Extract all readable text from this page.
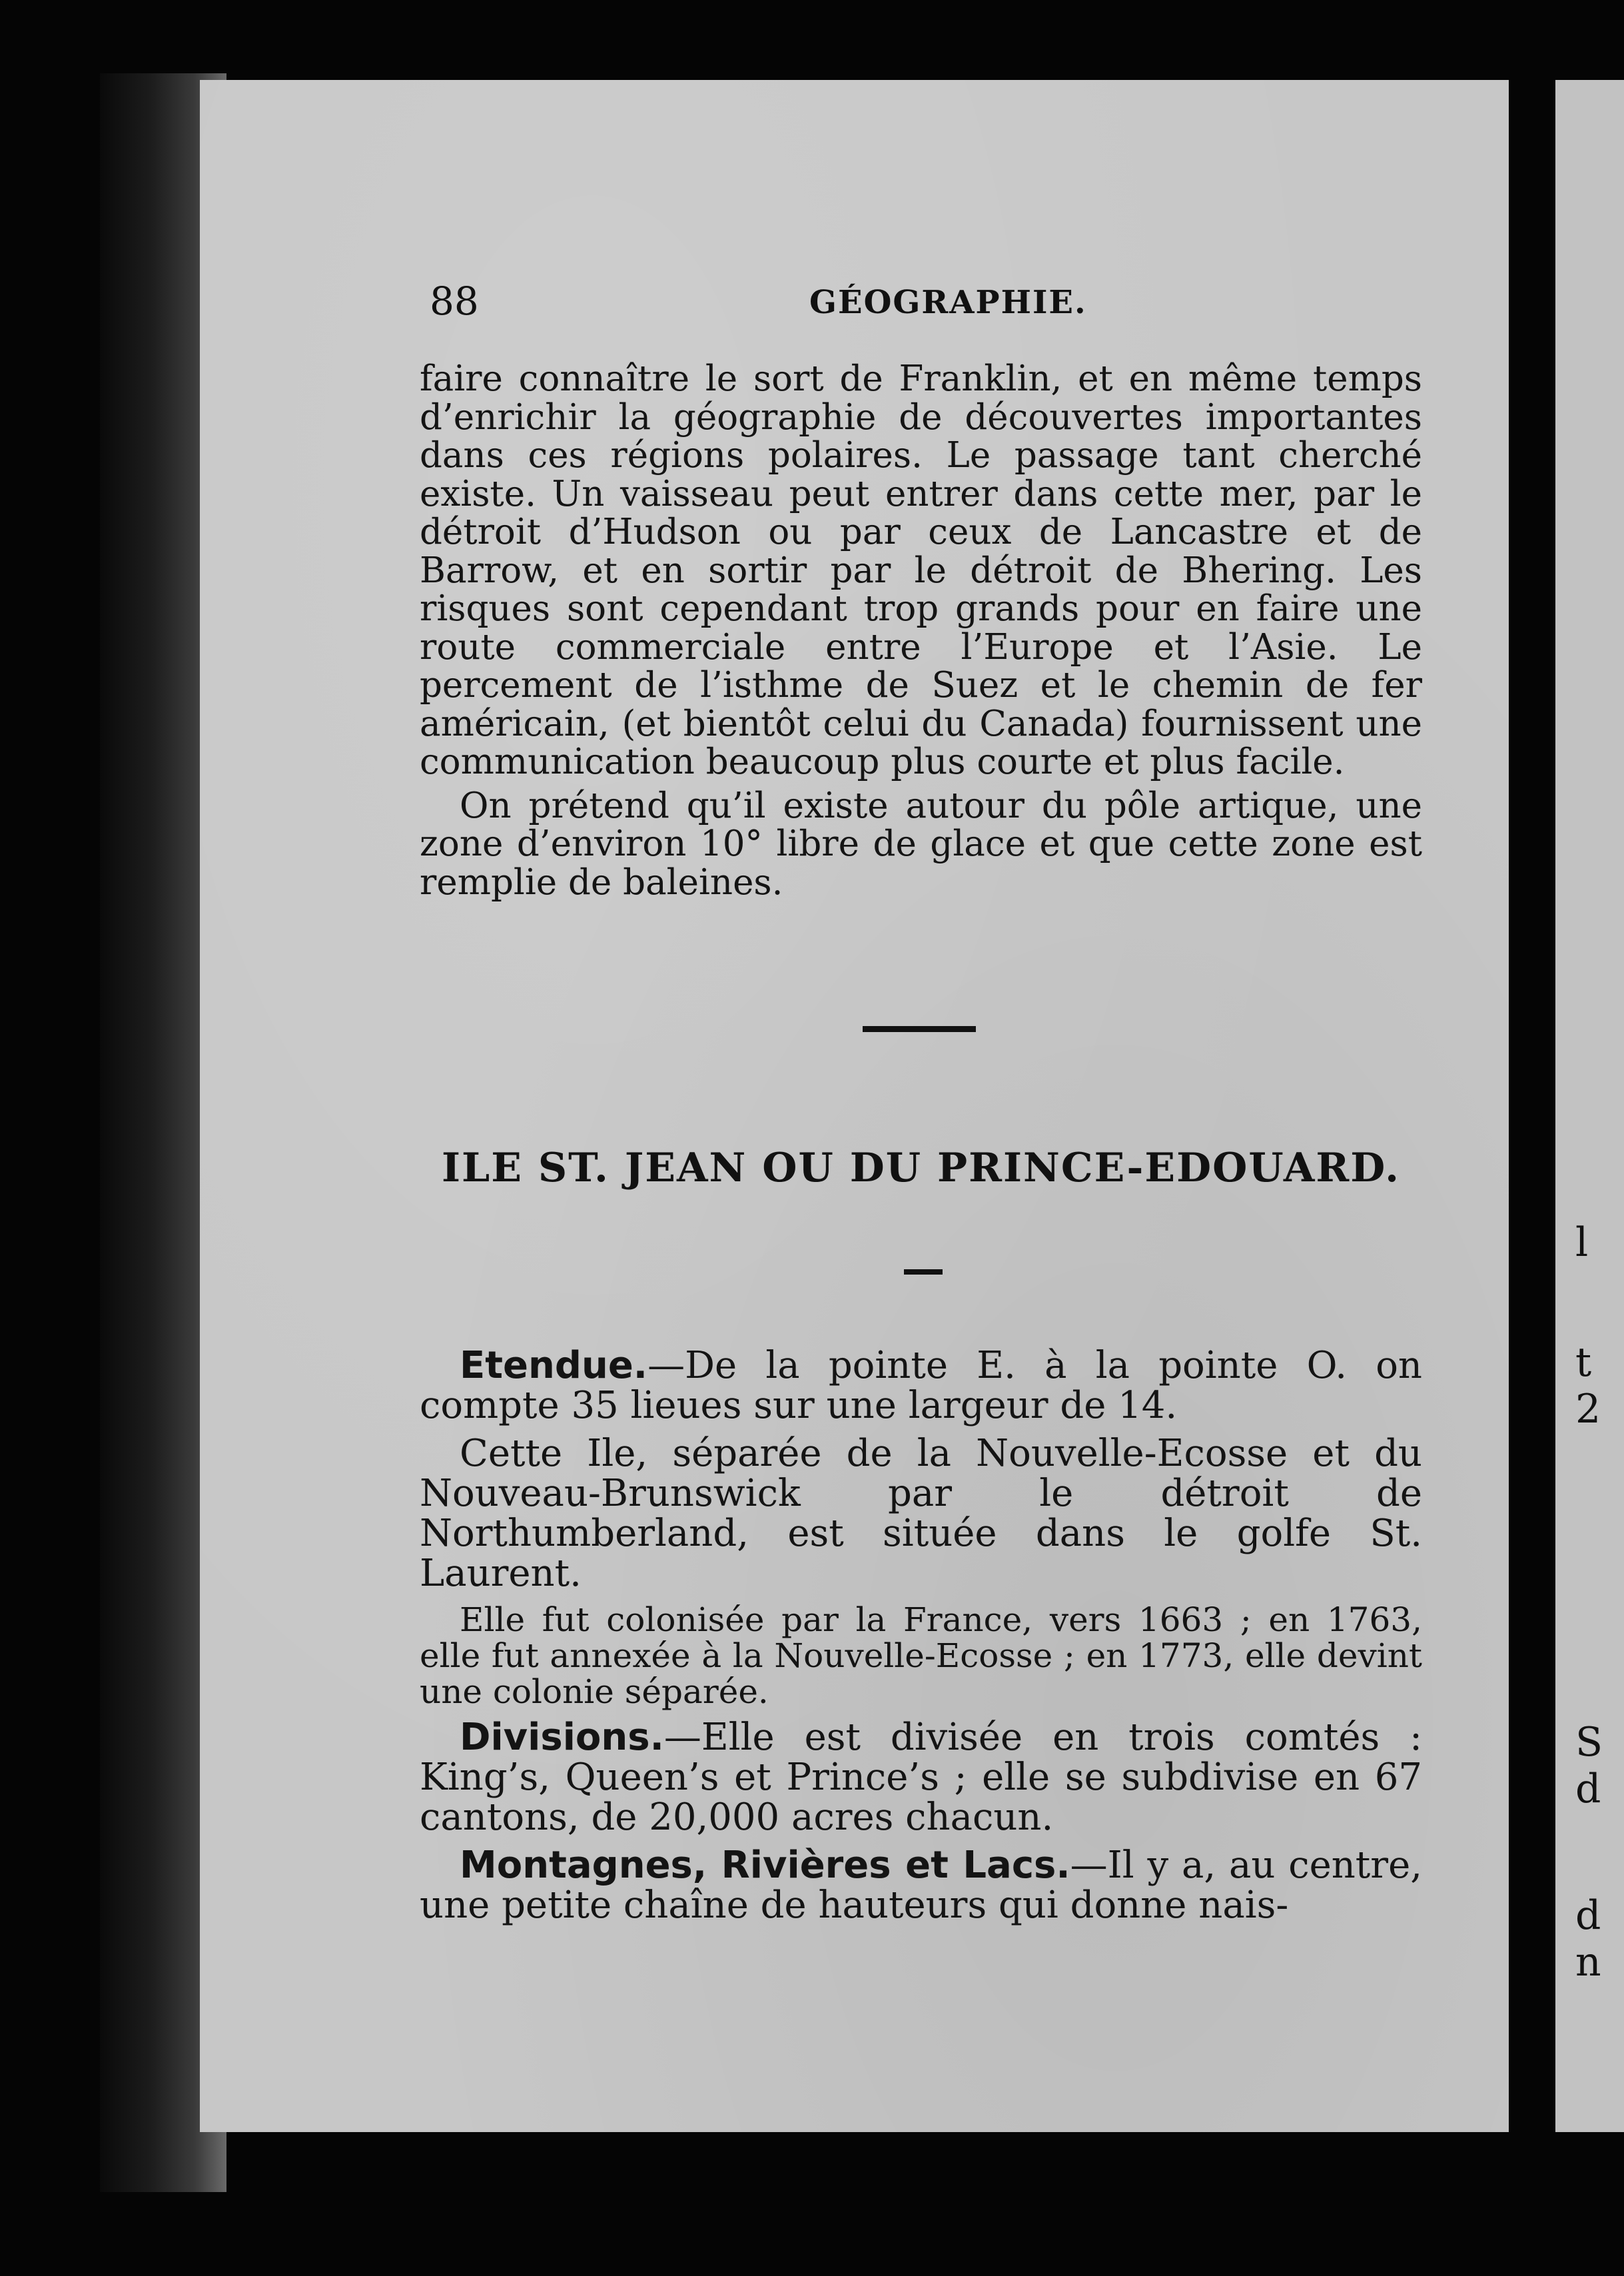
l
t
2
S
d
d
n
88	GÉOGRAPHIE.

faire connaître le sort de Franklin, et en même temps d’enrichir la géographie de découvertes importantes dans ces régions polaires. Le passage tant cherché existe. Un vaisseau peut entrer dans cette mer, par le détroit d’Hudson ou par ceux de Lancastre et de Barrow, et en sortir par le détroit de Bhering. Les risques sont cependant trop grands pour en faire une route commerciale entre l’Europe et l’Asie. Le percement de l’isthme de Suez et le chemin de fer américain, (et bientôt celui du Canada) fournissent une communication beaucoup plus courte et plus facile.

On prétend qu’il existe autour du pôle artique, une zone d’environ 10° libre de glace et que cette zone est remplie de baleines.

ILE ST. JEAN OU DU PRINCE-EDOUARD.

Etendue.—De la pointe E. à la pointe O. on compte 35 lieues sur une largeur de 14.

Cette Ile, séparée de la Nouvelle-Ecosse et du Nouveau-Brunswick par le détroit de Northumberland, est située dans le golfe St. Laurent.

Elle fut colonisée par la France, vers 1663 ; en 1763, elle fut annexée à la Nouvelle-Ecosse ; en 1773, elle devint une colonie séparée.

Divisions.—Elle est divisée en trois comtés : King’s, Queen’s et Prince’s ; elle se subdivise en 67 cantons, de 20,000 acres chacun.

Montagnes, Rivières et Lacs.—Il y a, au centre, une petite chaîne de hauteurs qui donne nais-
